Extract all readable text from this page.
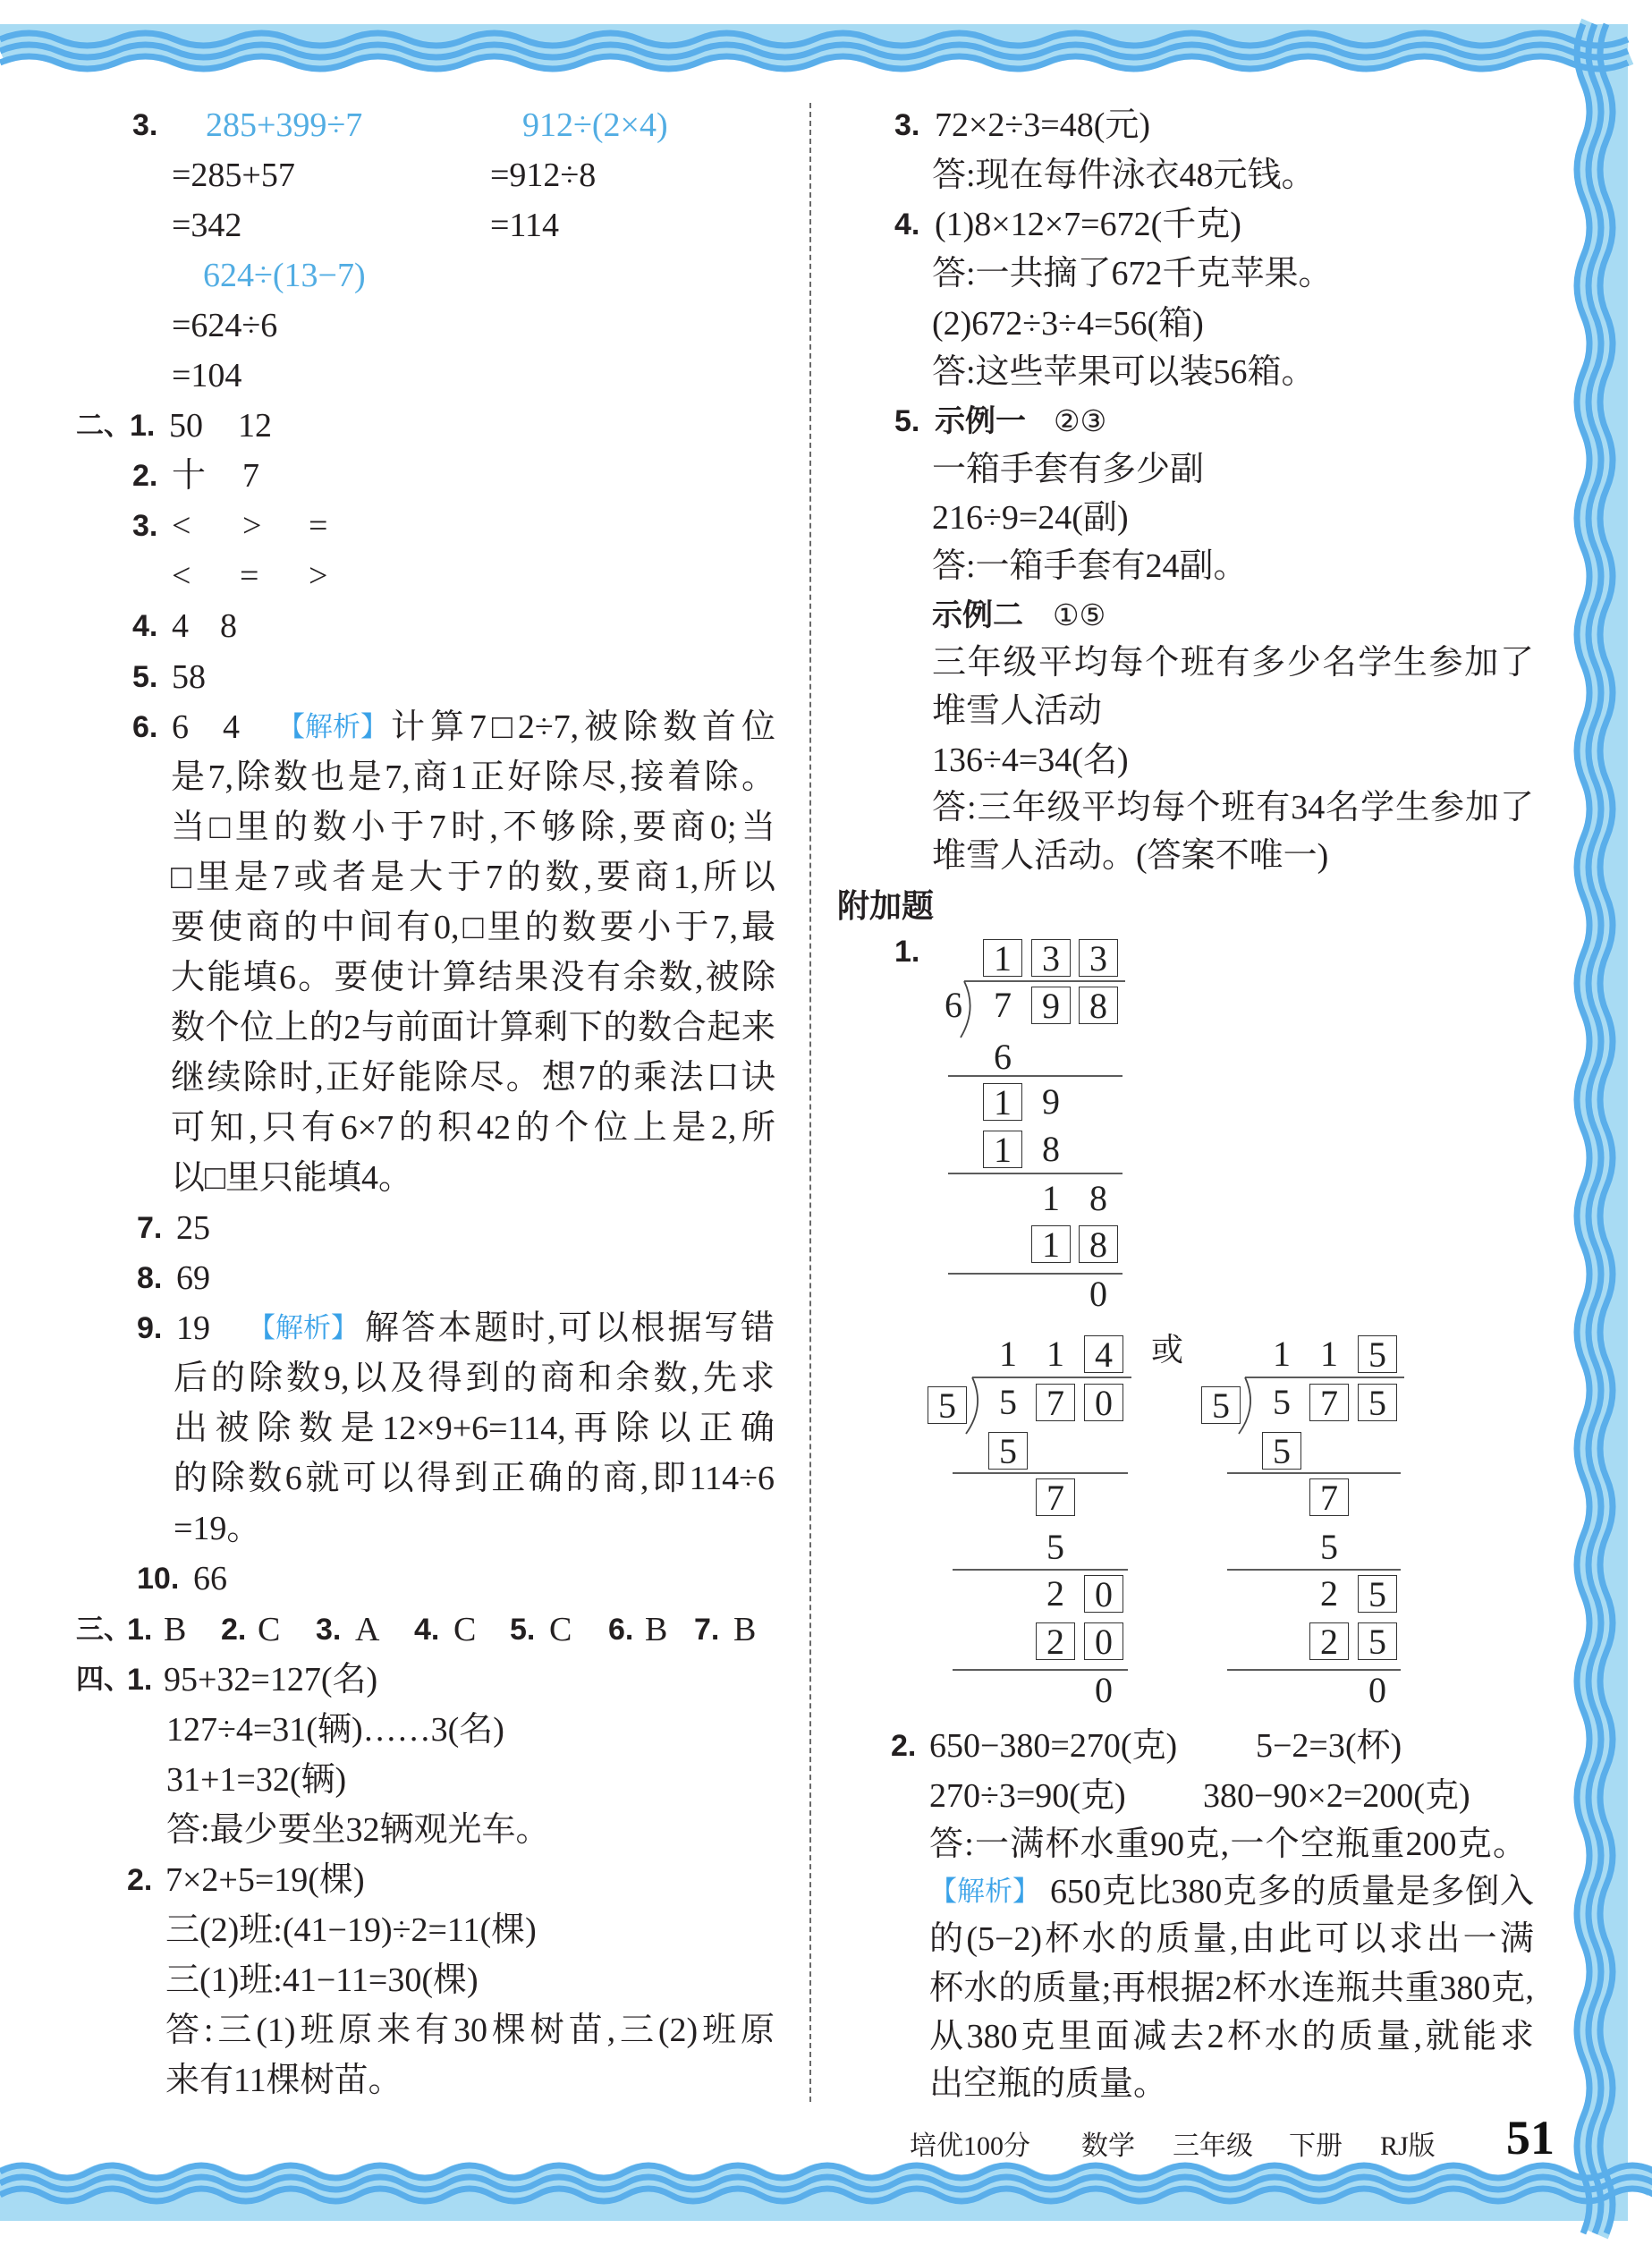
3. 285+399÷7	912÷(2×4)
=285+57	=912÷8
=342	=114
624÷(13−7)
=624÷6
=104
二、
1. 50 12
2. 十 7
3. < > =
< = >
4. 4 8
5. 58
6. 6 4 【解析】 计算7□2÷7,被除数首位
是7,除数也是7,商1正好除尽,接着除。
当□里的数小于7时,不够除,要商0;当
□里是7或者是大于7的数,要商1,所以
要使商的中间有0,□里的数要小于7,最
大能填6。要使计算结果没有余数,被除
数个位上的2与前面计算剩下的数合起来
继续除时,正好能除尽。想7的乘法口诀
可知,只有6×7的积42的个位上是2,所
以□里只能填4。
7. 25
8. 69
9. 19 【解析】 解答本题时,可以根据写错
后的除数9,以及得到的商和余数,先求
出被除数是12×9+6=114,再除以正确
的除数6就可以得到正确的商,即114÷6
=19。
10. 66
三、
1. B 2. C 3. A 4. C 5. C 6. B 7. B
四、
1. 95+32=127(名)
127÷4=31(辆)……3(名)
31+1=32(辆)
答:最少要坐32辆观光车。
2. 7×2+5=19(棵)
三(2)班:(41−19)÷2=11(棵)
三(1)班:41−11=30(棵)
答:三(1)班原来有30棵树苗,三(2)班原
来有11棵树苗。
3. 72×2÷3=48(元)
答:现在每件泳衣48元钱。
4. (1)8×12×7=672(千克)
答:一共摘了672千克苹果。
(2)672÷3÷4=56(箱)
答:这些苹果可以装56箱。
5. 示例一 ②③
一箱手套有多少副
216÷9=24(副)
答:一箱手套有24副。
示例二 ①⑤
三年级平均每个班有多少名学生参加了
堆雪人活动
136÷4=34(名)
答:三年级平均每个班有34名学生参加了
堆雪人活动。(答案不唯一)
附加题
1.	1 3 3
6 7 9 8
6
1 9
1 8
1 8
1 8
0
1 1 4
5	5 7 0
5
7
5
2 0
2 0
0
或	1 1 5
5	5 7 5
5
7
5
2 5
2 5
0
2. 650−380=270(克) 5−2=3(杯)
270÷3=90(克) 380−90×2=200(克)
答:一满杯水重90克,一个空瓶重200克。
【解析】 650克比380克多的质量是多倒入
的(5−2)杯水的质量,由此可以求出一满
杯水的质量;再根据2杯水连瓶共重380克,
从380克里面减去2杯水的质量,就能求
出空瓶的质量。
培优100分 数学 三年级 下册 RJ版 51
